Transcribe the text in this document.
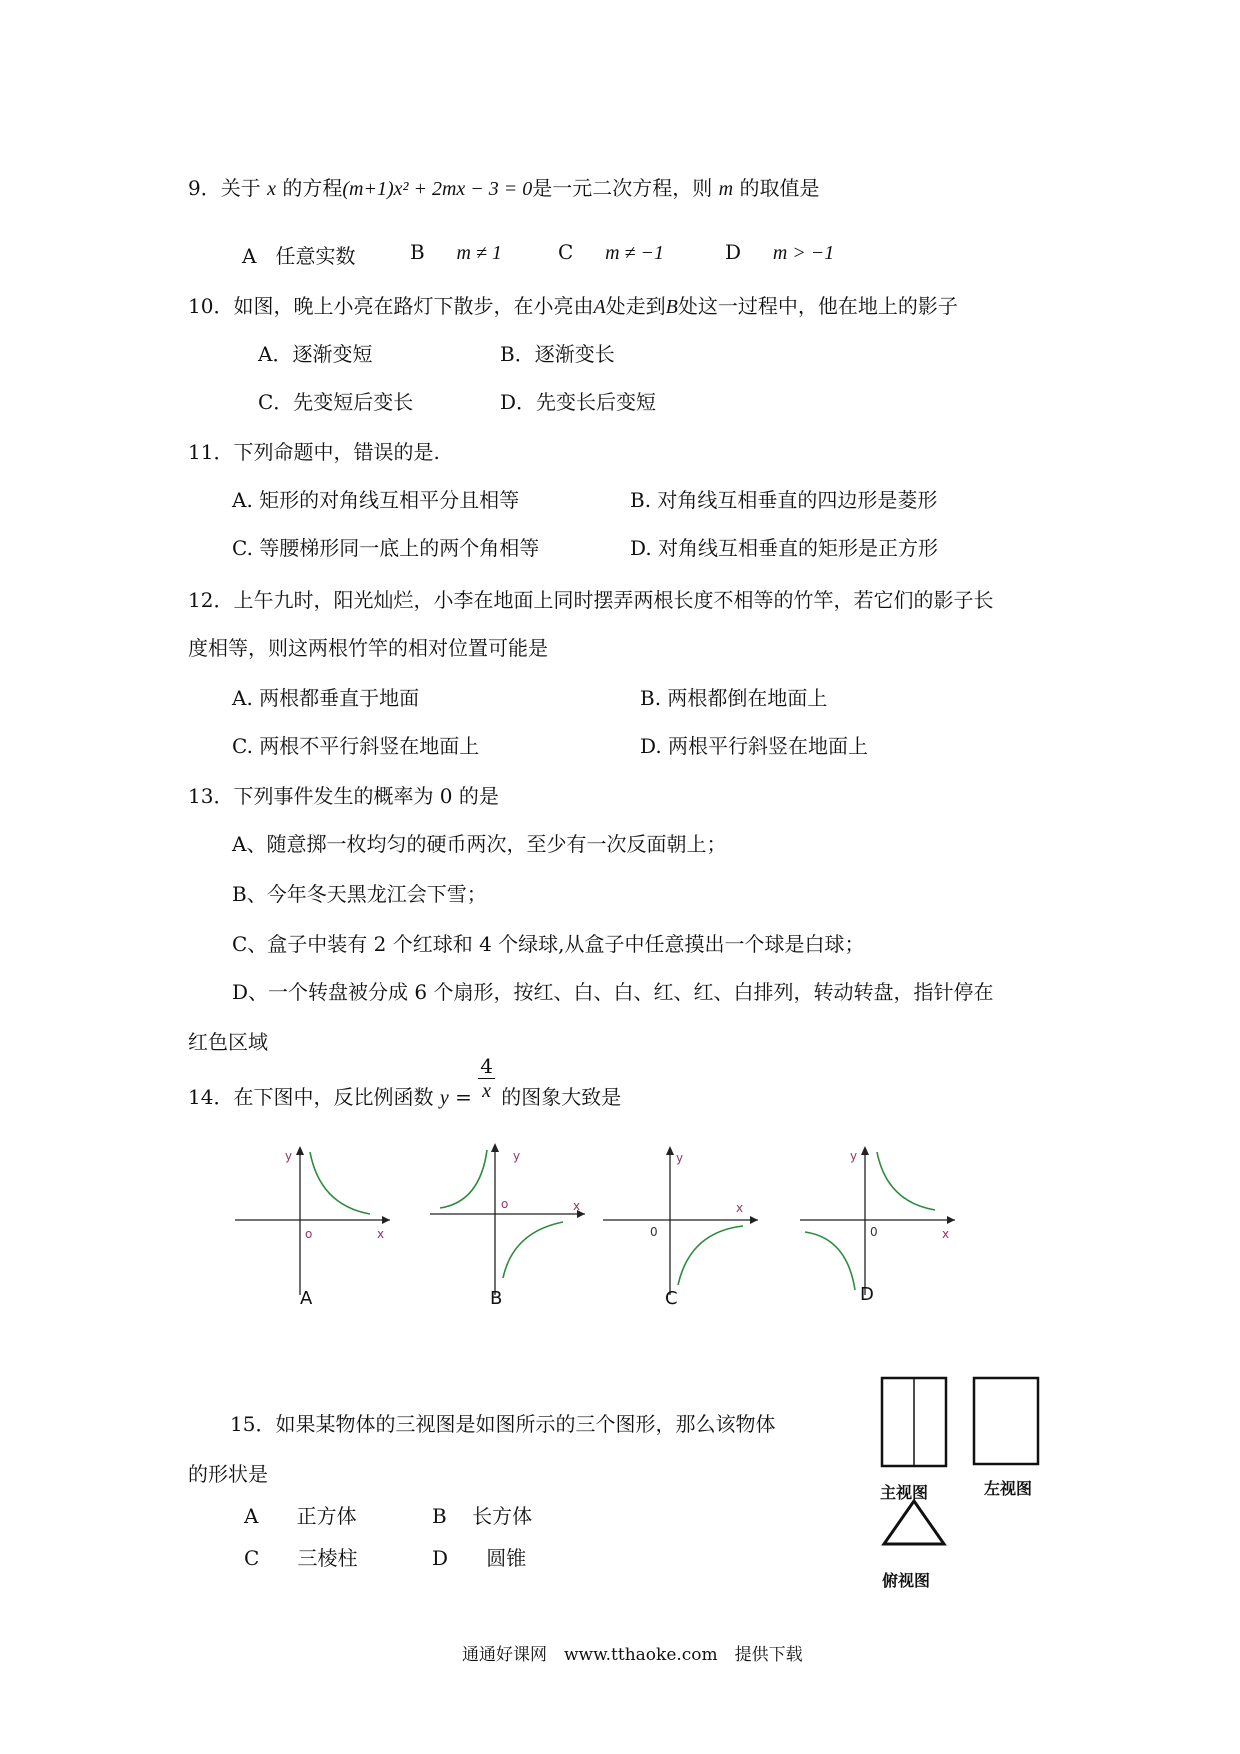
9．关于 x 的方程(m+1)x² + 2mx − 3 = 0是一元二次方程，则 m 的取值是
A 任意实数	B m ≠ 1	C m ≠ −1	D m > −1
10．如图，晚上小亮在路灯下散步，在小亮由A处走到B处这一过程中，他在地上的影子
A．逐渐变短	B．逐渐变长
C．先变短后变长	D．先变长后变短
11．下列命题中，错误的是.
A. 矩形的对角线互相平分且相等	B. 对角线互相垂直的四边形是菱形
C. 等腰梯形同一底上的两个角相等	D. 对角线互相垂直的矩形是正方形
12．上午九时，阳光灿烂，小李在地面上同时摆弄两根长度不相等的竹竿，若它们的影子长
度相等，则这两根竹竿的相对位置可能是
A. 两根都垂直于地面	B. 两根都倒在地面上
C. 两根不平行斜竖在地面上	D. 两根平行斜竖在地面上
13．下列事件发生的概率为 0 的是
A、随意掷一枚均匀的硬币两次，至少有一次反面朝上；
B、今年冬天黑龙江会下雪；
C、盒子中装有 2 个红球和 4 个绿球,从盒子中任意摸出一个球是白球；
D、一个转盘被分成 6 个扇形，按红、白、白、红、红、白排列，转动转盘，指针停在
红色区域
14．在下图中，反比例函数 $y = \frac{4}{x}$ 的图象大致是
y
x
o
A
y
x
o
B
y
x
0
C
y
x
0
D
15．如果某物体的三视图是如图所示的三个图形，那么该物体
的形状是
A 正方体	B 长方体
C 三棱柱	D 圆锥
主视图	左视图
俯视图
通通好课网　www.tthaoke.com　提供下载
